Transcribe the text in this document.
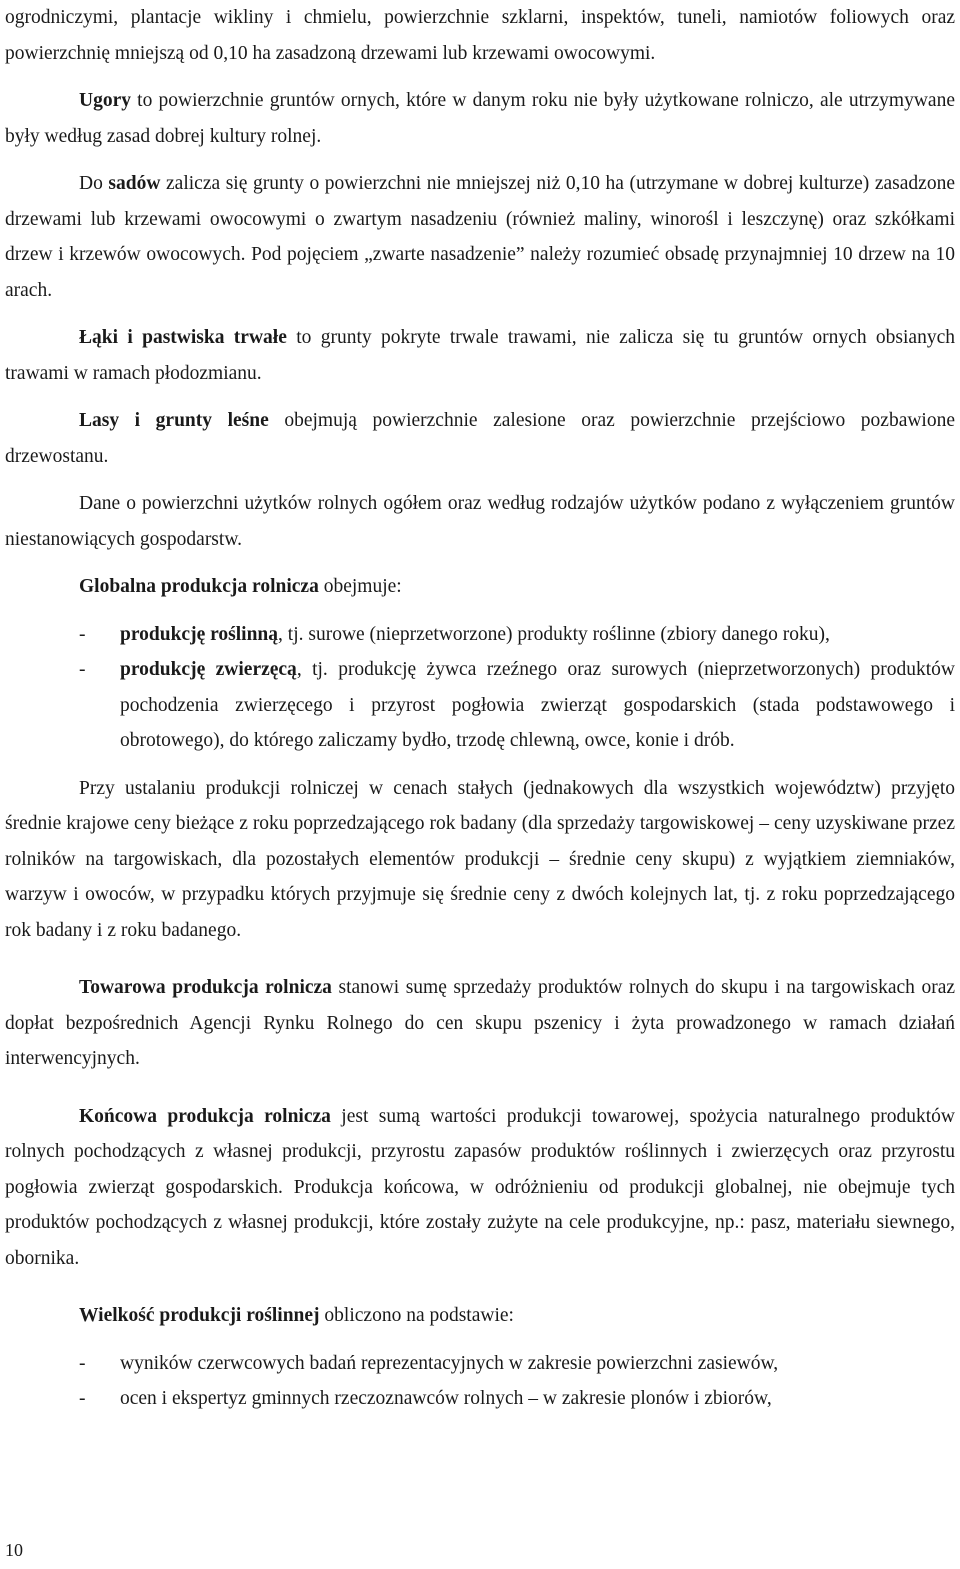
ogrodniczymi, plantacje wikliny i chmielu, powierzchnie szklarni, inspektów, tuneli, namiotów foliowych oraz powierzchnię mniejszą od 0,10 ha zasadzoną drzewami lub krzewami owocowymi.

Ugory to powierzchnie gruntów ornych, które w danym roku nie były użytkowane rolniczo, ale utrzymywane były według zasad dobrej kultury rolnej.

Do sadów zalicza się grunty o powierzchni nie mniejszej niż 0,10 ha (utrzymane w dobrej kulturze) zasadzone drzewami lub krzewami owocowymi o zwartym nasadzeniu (również maliny, winorośl i leszczynę) oraz szkółkami drzew i krzewów owocowych. Pod pojęciem „zwarte nasadzenie” należy rozumieć obsadę przynajmniej 10 drzew na 10 arach.

Łąki i pastwiska trwałe to grunty pokryte trwale trawami, nie zalicza się tu gruntów ornych obsianych trawami w ramach płodozmianu.

Lasy i grunty leśne obejmują powierzchnie zalesione oraz powierzchnie przejściowo pozbawione drzewostanu.

Dane o powierzchni użytków rolnych ogółem oraz według rodzajów użytków podano z wyłączeniem gruntów niestanowiących gospodarstw.

Globalna produkcja rolnicza obejmuje:

- produkcję roślinną, tj. surowe (nieprzetworzone) produkty roślinne (zbiory danego roku),
- produkcję zwierzęcą, tj. produkcję żywca rzeźnego oraz surowych (nieprzetworzonych) produktów pochodzenia zwierzęcego i przyrost pogłowia zwierząt gospodarskich (stada podstawowego i obrotowego), do którego zaliczamy bydło, trzodę chlewną, owce, konie i drób.

Przy ustalaniu produkcji rolniczej w cenach stałych (jednakowych dla wszystkich województw) przyjęto średnie krajowe ceny bieżące z roku poprzedzającego rok badany (dla sprzedaży targowiskowej – ceny uzyskiwane przez rolników na targowiskach, dla pozostałych elementów produkcji – średnie ceny skupu) z wyjątkiem ziemniaków, warzyw i owoców, w przypadku których przyjmuje się średnie ceny z dwóch kolejnych lat, tj. z roku poprzedzającego rok badany i z roku badanego.

Towarowa produkcja rolnicza stanowi sumę sprzedaży produktów rolnych do skupu i na targowiskach oraz dopłat bezpośrednich Agencji Rynku Rolnego do cen skupu pszenicy i żyta prowadzonego w ramach działań interwencyjnych.

Końcowa produkcja rolnicza jest sumą wartości produkcji towarowej, spożycia naturalnego produktów rolnych pochodzących z własnej produkcji, przyrostu zapasów produktów roślinnych i zwierzęcych oraz przyrostu pogłowia zwierząt gospodarskich. Produkcja końcowa, w odróżnieniu od produkcji globalnej, nie obejmuje tych produktów pochodzących z własnej produkcji, które zostały zużyte na cele produkcyjne, np.: pasz, materiału siewnego, obornika.

Wielkość produkcji roślinnej obliczono na podstawie:

- wyników czerwcowych badań reprezentacyjnych w zakresie powierzchni zasiewów,
- ocen i ekspertyz gminnych rzeczoznawców rolnych – w zakresie plonów i zbiorów,
10
